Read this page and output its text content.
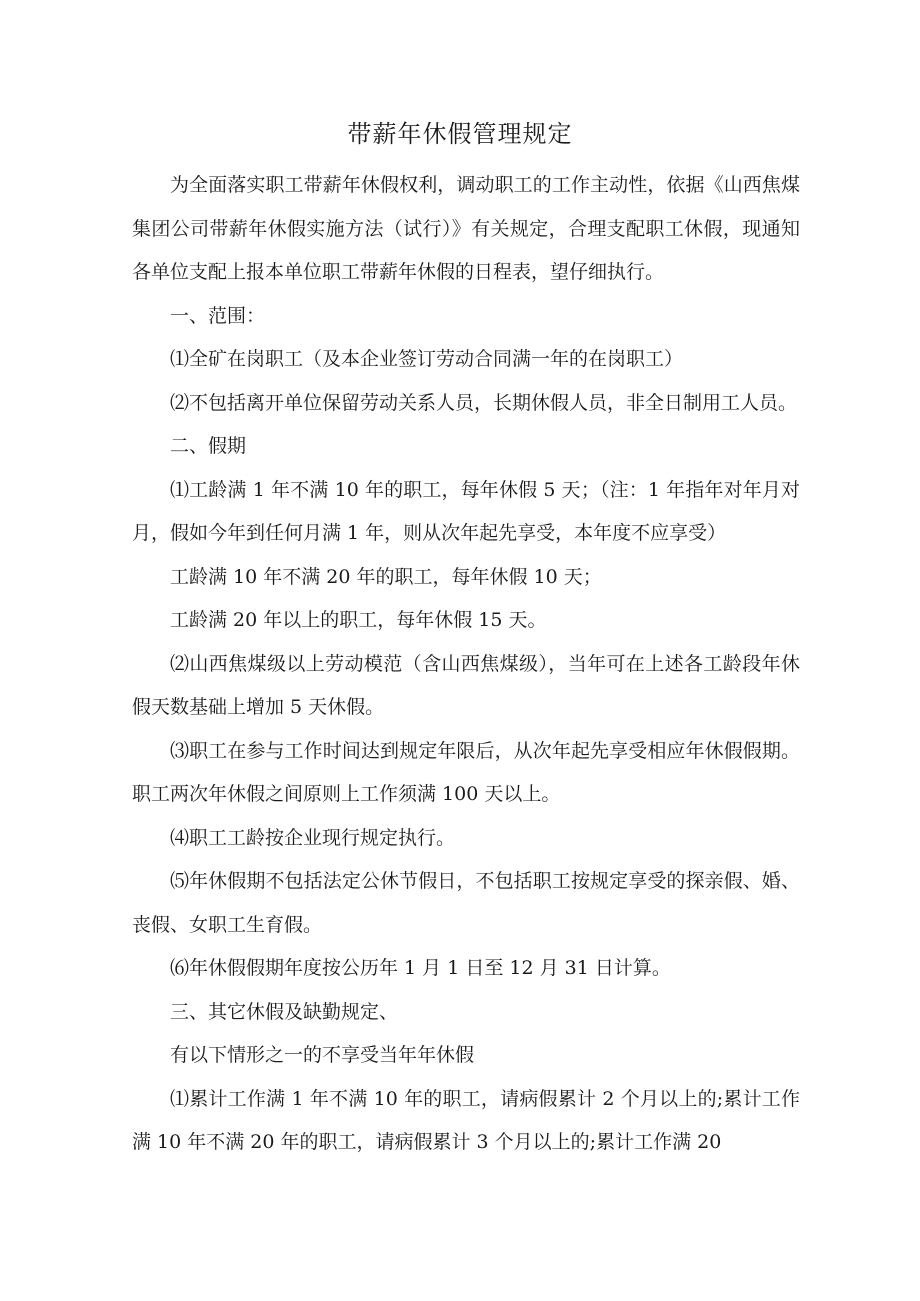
带薪年休假管理规定

为全面落实职工带薪年休假权利，调动职工的工作主动性，依据《山西焦煤集团公司带薪年休假实施方法（试行）》有关规定，合理支配职工休假，现通知各单位支配上报本单位职工带薪年休假的日程表，望仔细执行。

一、范围：

⑴全矿在岗职工（及本企业签订劳动合同满一年的在岗职工）

⑵不包括离开单位保留劳动关系人员，长期休假人员，非全日制用工人员。

二、假期

⑴工龄满 1 年不满 10 年的职工，每年休假 5 天；（注：1 年指年对年月对月，假如今年到任何月满 1 年，则从次年起先享受，本年度不应享受）

工龄满 10 年不满 20 年的职工，每年休假 10 天；

工龄满 20 年以上的职工，每年休假 15 天。

⑵山西焦煤级以上劳动模范（含山西焦煤级），当年可在上述各工龄段年休假天数基础上增加 5 天休假。

⑶职工在参与工作时间达到规定年限后，从次年起先享受相应年休假假期。职工两次年休假之间原则上工作须满 100 天以上。

⑷职工工龄按企业现行规定执行。

⑸年休假期不包括法定公休节假日，不包括职工按规定享受的探亲假、婚、丧假、女职工生育假。

⑹年休假假期年度按公历年 1 月 1 日至 12 月 31 日计算。

三、其它休假及缺勤规定、

有以下情形之一的不享受当年年休假

⑴累计工作满 1 年不满 10 年的职工，请病假累计 2 个月以上的;累计工作满 10 年不满 20 年的职工，请病假累计 3 个月以上的;累计工作满 20
